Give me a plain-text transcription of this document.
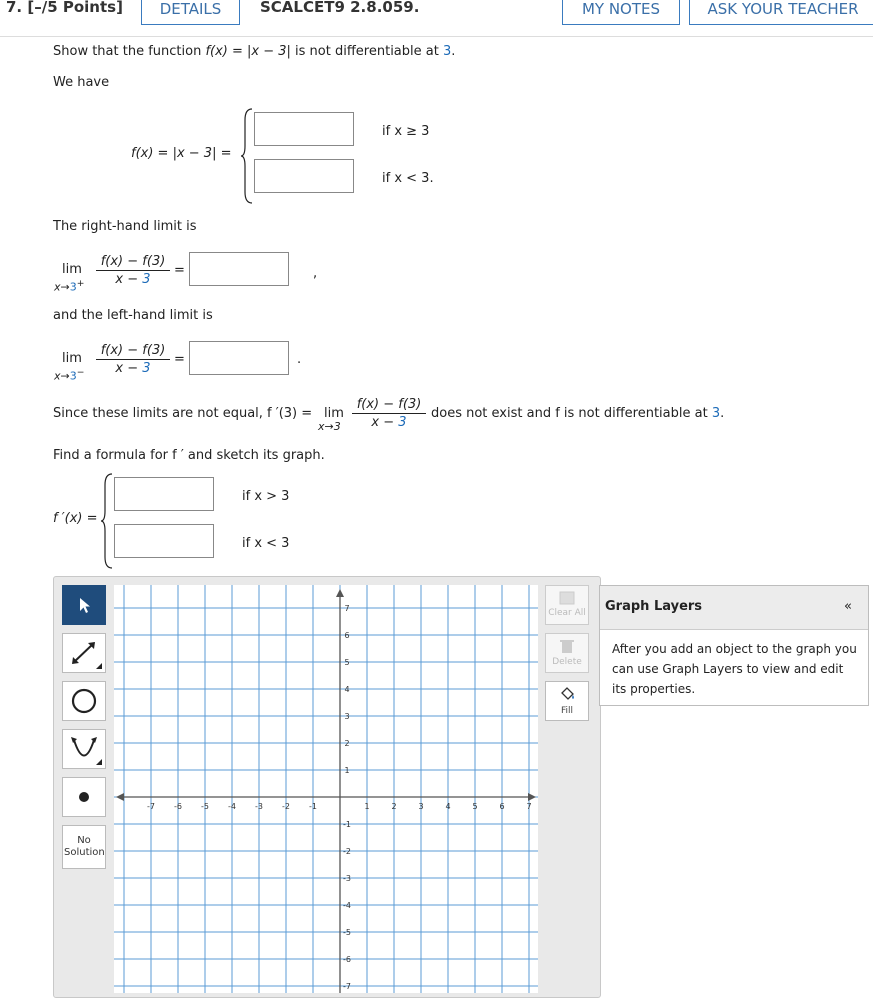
7. [–/5 Points]	DETAILS	SCALCET9 2.8.059.	MY NOTES	ASK YOUR TEACHER
Show that the function f(x) = |x − 3| is not differentiable at 3.
We have
f(x) = |x − 3| =
if x ≥ 3
if x < 3.
The right-hand limit is
lim
x→3+
f(x) − f(3)
x − 3
=	,
and the left-hand limit is
lim
x→3−
f(x) − f(3)
x − 3
=	.
Since these limits are not equal, f ′(3) = lim
x→3
f(x) − f(3)
x − 3
does not exist and f is not differentiable at 3.
Find a formula for f ′ and sketch its graph.
f ′(x) =
if x > 3
if x < 3
No Solution
-7 -6 -5 -4 -3 -2 -1	1	2	3	4	5	6	7
7
6
5
4
3
2
1
-1
-2
-3
-4
-5
-6
-7
Clear All
Delete
Fill
Graph Layers	«
After you add an object to the graph you can use Graph Layers to view and edit its properties.
